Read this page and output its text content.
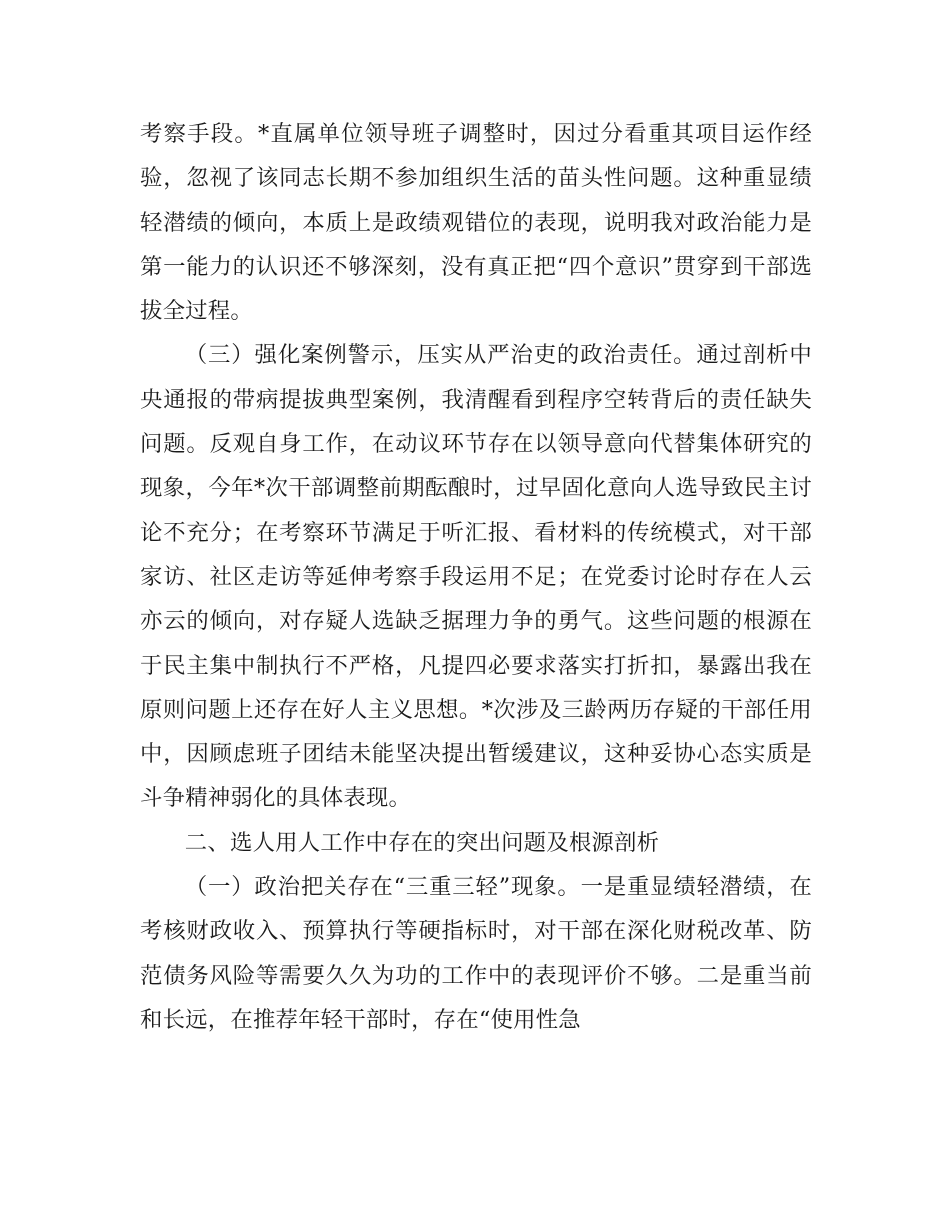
考察手段。*直属单位领导班子调整时，因过分看重其项目运作经验，忽视了该同志长期不参加组织生活的苗头性问题。这种重显绩轻潜绩的倾向，本质上是政绩观错位的表现，说明我对政治能力是第一能力的认识还不够深刻，没有真正把“四个意识”贯穿到干部选拔全过程。

（三）强化案例警示，压实从严治吏的政治责任。通过剖析中央通报的带病提拔典型案例，我清醒看到程序空转背后的责任缺失问题。反观自身工作，在动议环节存在以领导意向代替集体研究的现象，今年*次干部调整前期酝酿时，过早固化意向人选导致民主讨论不充分；在考察环节满足于听汇报、看材料的传统模式，对干部家访、社区走访等延伸考察手段运用不足；在党委讨论时存在人云亦云的倾向，对存疑人选缺乏据理力争的勇气。这些问题的根源在于民主集中制执行不严格，凡提四必要求落实打折扣，暴露出我在原则问题上还存在好人主义思想。*次涉及三龄两历存疑的干部任用中，因顾虑班子团结未能坚决提出暂缓建议，这种妥协心态实质是斗争精神弱化的具体表现。

二、选人用人工作中存在的突出问题及根源剖析

（一）政治把关存在“三重三轻”现象。一是重显绩轻潜绩，在考核财政收入、预算执行等硬指标时，对干部在深化财税改革、防范债务风险等需要久久为功的工作中的表现评价不够。二是重当前和长远，在推荐年轻干部时，存在“使用性急
